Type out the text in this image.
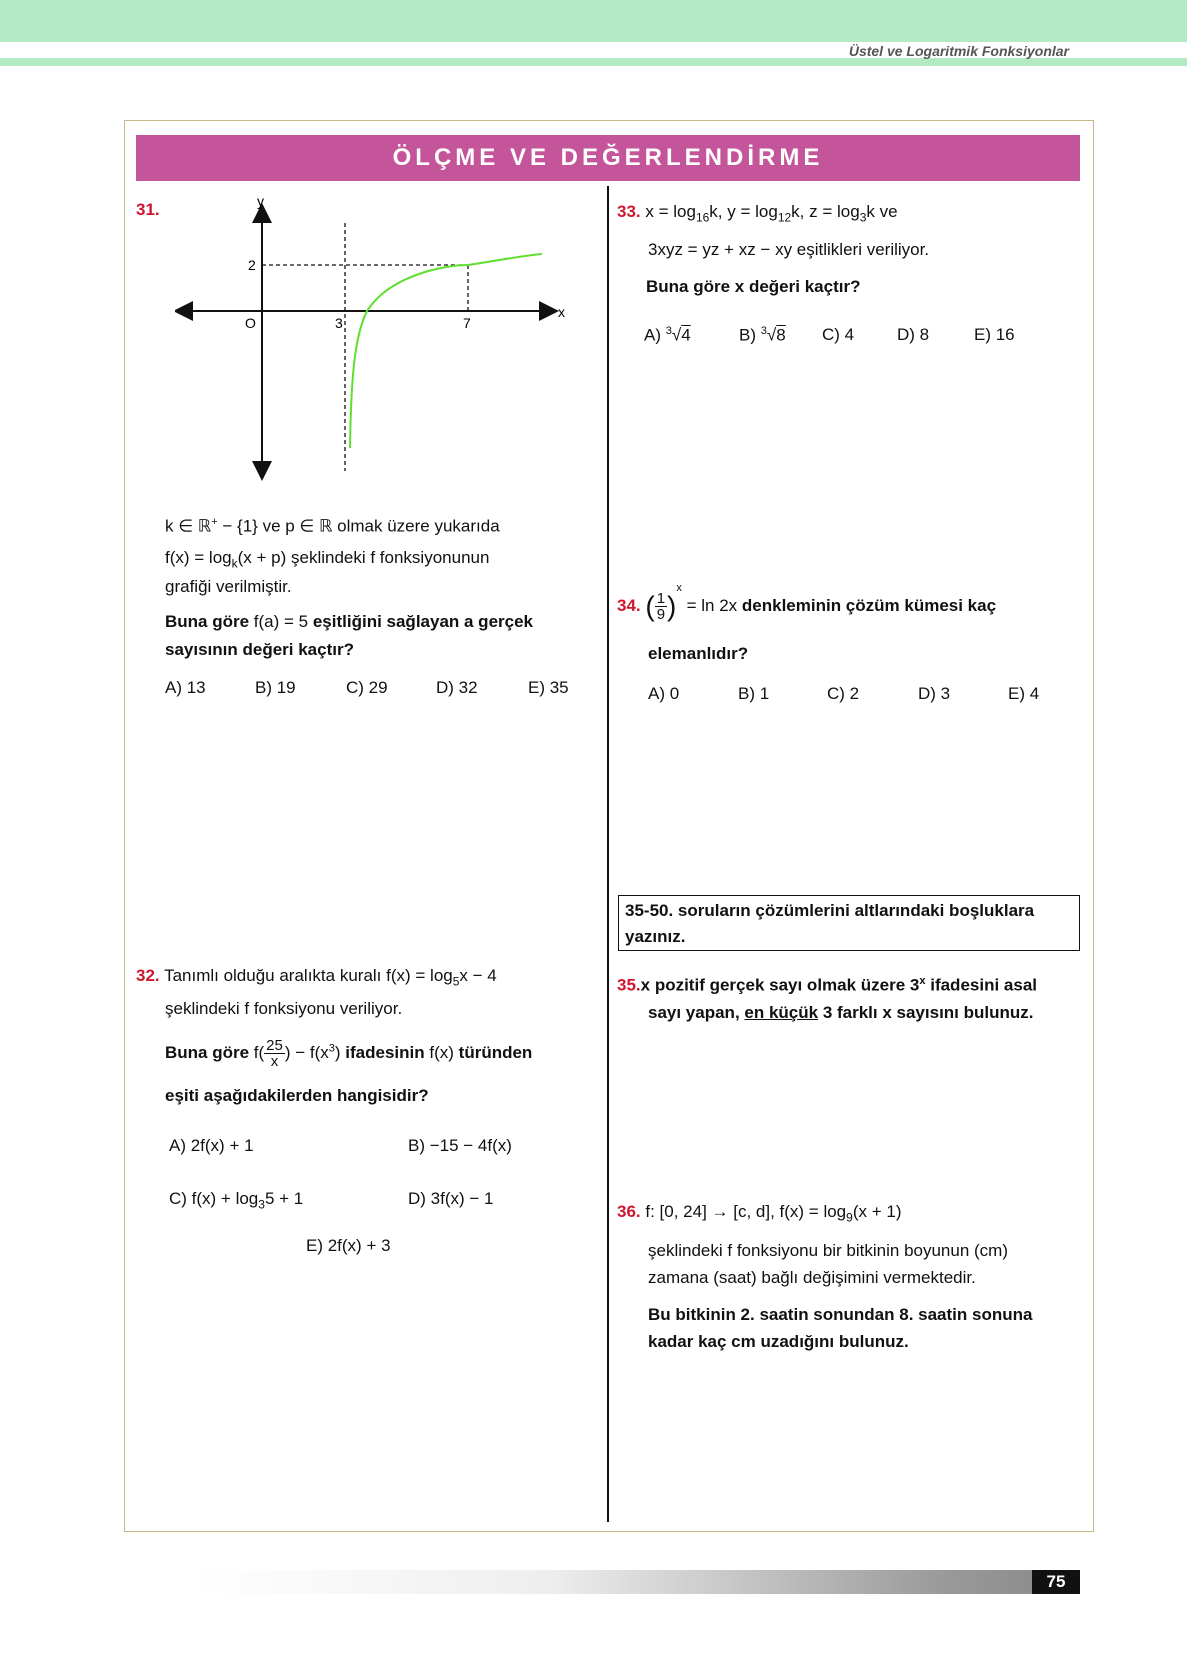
Üstel ve Logaritmik Fonksiyonlar
ÖLÇME VE DEĞERLENDİRME
31.	y
x
O
2
3	7
k ∈ ℝ+ − {1} ve p ∈ ℝ olmak üzere yukarıda
$f(x) = \log_k(x + p)$ şeklindeki f fonksiyonunun
grafiği verilmiştir.
Buna göre f(a) = 5 eşitliğini sağlayan a gerçek
sayısının değeri kaçtır?
A) 13	B) 19	C) 29	D) 32	E) 35
32. Tanımlı olduğu aralıkta kuralı $f(x) = \log_5x - 4$
şeklindeki f fonksiyonu veriliyor.
Buna göre $f( \frac{25}{x}$ ) − $f(x^3)$ ifadesinin f(x) türünden
eşiti aşağıdakilerden hangisidir?
A) 2f(x) + 1	B) −15 − 4f(x)
C) $f(x) + \log_35 + 1$	D) 3f(x) − 1
E) 2f(x) + 3
33. $x = \log_{16}k$, $y = \log_{12}k$, $z = \log_3k$ ve
3xyz = yz + xz − xy eşitlikleri veriliyor.
Buna göre x değeri kaçtır?
A) $^3$√4	B) $^3$√8 C) 4	D) 8	E) 16
34. ( $\frac{1}{9} )^x = \ln 2x$ denkleminin çözüm kümesi kaç
elemanlıdır?
A) 0	B) 1	C) 2	D) 3	E) 4
35-50. soruların çözümlerini altlarındaki boşluklara
yazınız.
35.x pozitif gerçek sayı olmak üzere 3$^x$ ifadesini asal
sayı yapan, en küçük 3 farklı x sayısını bulunuz.
36. f: [0, 24] → [c, d], $f(x) = \log_9(x + 1)$
şeklindeki f fonksiyonu bir bitkinin boyunun (cm)
zamana (saat) bağlı değişimini vermektedir.
Bu bitkinin 2. saatin sonundan 8. saatin sonuna
kadar kaç cm uzadığını bulunuz.
75
